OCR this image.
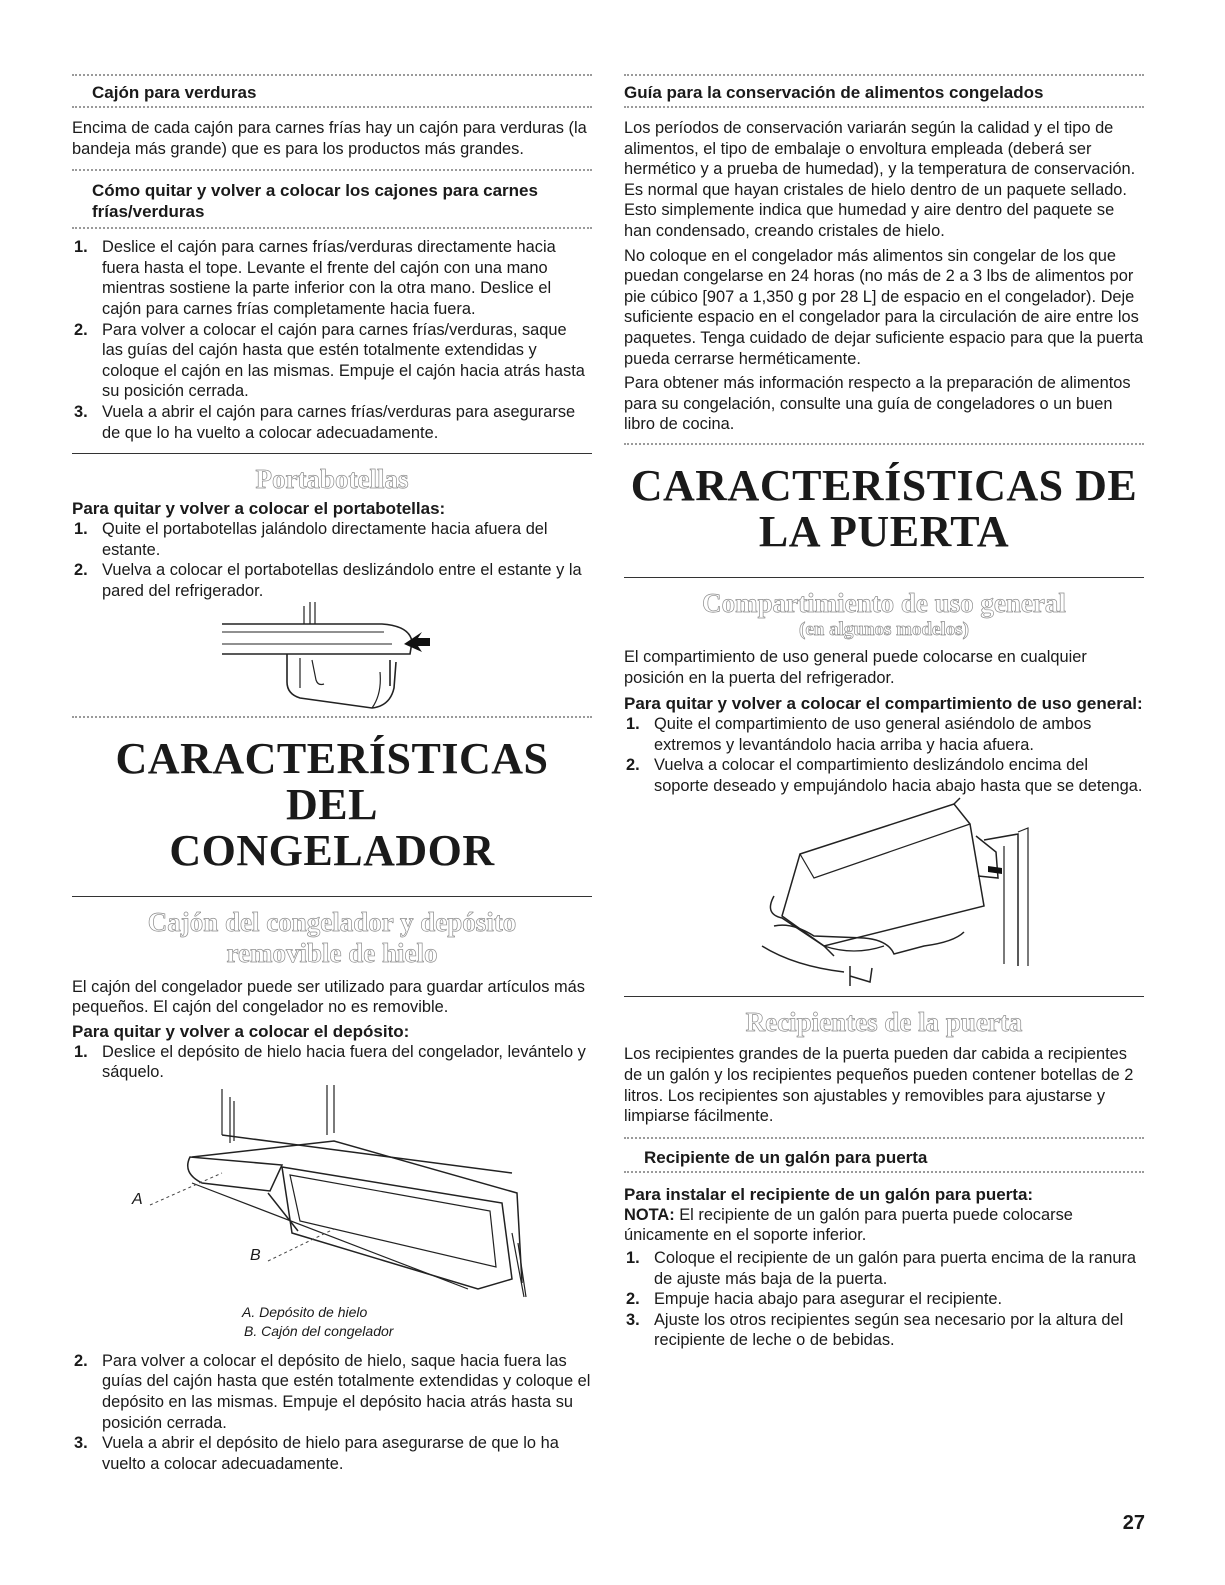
Cajón para verduras

Encima de cada cajón para carnes frías hay un cajón para verduras (la bandeja más grande) que es para los productos más grandes.

Cómo quitar y volver a colocar los cajones para carnes frías/verduras
1. Deslice el cajón para carnes frías/verduras directamente hacia fuera hasta el tope. Levante el frente del cajón con una mano mientras sostiene la parte inferior con la otra mano. Deslice el cajón para carnes frías completamente hacia fuera.
2. Para volver a colocar el cajón para carnes frías/verduras, saque las guías del cajón hasta que estén totalmente extendidas y coloque el cajón en las mismas. Empuje el cajón hacia atrás hasta su posición cerrada.
3. Vuela a abrir el cajón para carnes frías/verduras para asegurarse de que lo ha vuelto a colocar adecuadamente.
Portabotellas

Para quitar y volver a colocar el portabotellas:

1. Quite el portabotellas jalándolo directamente hacia afuera del estante.
2. Vuelva a colocar el portabotellas deslizándolo entre el estante y la pared del refrigerador.
CARACTERÍSTICAS DEL
CONGELADOR
Cajón del congelador y depósito
removible de hielo

El cajón del congelador puede ser utilizado para guardar artículos más pequeños. El cajón del congelador no es removible.

Para quitar y volver a colocar el depósito:

1. Deslice el depósito de hielo hacia fuera del congelador, levántelo y sáquelo.
A
B

A. Depósito de hielo

B. Cajón del congelador

2. Para volver a colocar el depósito de hielo, saque hacia fuera las guías del cajón hasta que estén totalmente extendidas y coloque el depósito en las mismas. Empuje el depósito hacia atrás hasta su posición cerrada.
3. Vuela a abrir el depósito de hielo para asegurarse de que lo ha vuelto a colocar adecuadamente.
Guía para la conservación de alimentos congelados

Los períodos de conservación variarán según la calidad y el tipo de alimentos, el tipo de embalaje o envoltura empleada (deberá ser hermético y a prueba de humedad), y la temperatura de conservación. Es normal que hayan cristales de hielo dentro de un paquete sellado. Esto simplemente indica que humedad y aire dentro del paquete se han condensado, creando cristales de hielo.

No coloque en el congelador más alimentos sin congelar de los que puedan congelarse en 24 horas (no más de 2 a 3 lbs de alimentos por pie cúbico [907 a 1,350 g por 28 L] de espacio en el congelador). Deje suficiente espacio en el congelador para la circulación de aire entre los paquetes. Tenga cuidado de dejar suficiente espacio para que la puerta pueda cerrarse herméticamente.

Para obtener más información respecto a la preparación de alimentos para su congelación, consulte una guía de congeladores o un buen libro de cocina.

CARACTERÍSTICAS DE
LA PUERTA
Compartimiento de uso general
(en algunos modelos)

El compartimiento de uso general puede colocarse en cualquier posición en la puerta del refrigerador.

Para quitar y volver a colocar el compartimiento de uso general:

1. Quite el compartimiento de uso general asiéndolo de ambos extremos y levantándolo hacia arriba y hacia afuera.
2. Vuelva a colocar el compartimiento deslizándolo encima del soporte deseado y empujándolo hacia abajo hasta que se detenga.
Recipientes de la puerta

Los recipientes grandes de la puerta pueden dar cabida a recipientes de un galón y los recipientes pequeños pueden contener botellas de 2 litros. Los recipientes son ajustables y removibles para ajustarse y limpiarse fácilmente.

Recipiente de un galón para puerta

Para instalar el recipiente de un galón para puerta:

NOTA: El recipiente de un galón para puerta puede colocarse únicamente en el soporte inferior.

1. Coloque el recipiente de un galón para puerta encima de la ranura de ajuste más baja de la puerta.
2. Empuje hacia abajo para asegurar el recipiente.
3. Ajuste los otros recipientes según sea necesario por la altura del recipiente de leche o de bebidas.
27
